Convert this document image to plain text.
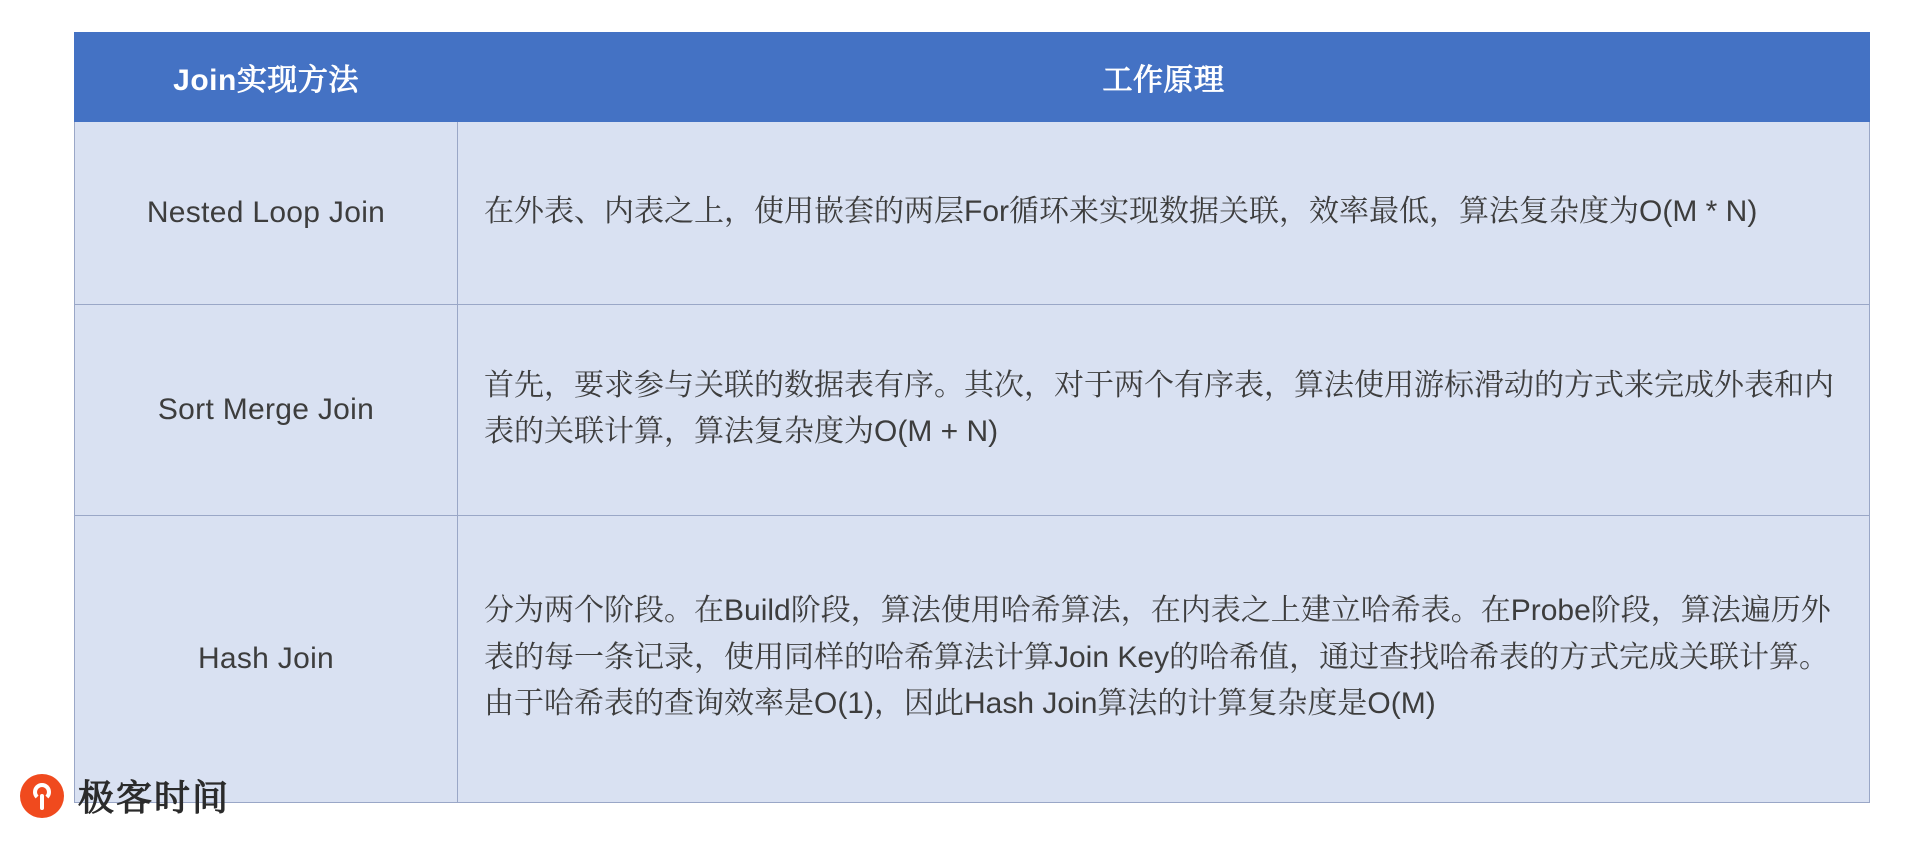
Join实现方法	工作原理
Nested Loop Join	在外表、内表之上，使用嵌套的两层For循环来实现数据关联，效率最低，算法复杂度为O(M * N)
Sort Merge Join	首先，要求参与关联的数据表有序。其次，对于两个有序表，算法使用游标滑动的方式来完成外表和内表的关联计算，算法复杂度为O(M + N)
Hash Join	分为两个阶段。在Build阶段，算法使用哈希算法，在内表之上建立哈希表。在Probe阶段，算法遍历外表的每一条记录，使用同样的哈希算法计算Join Key的哈希值，通过查找哈希表的方式完成关联计算。由于哈希表的查询效率是O(1)，因此Hash Join算法的计算复杂度是O(M)
极客时间
